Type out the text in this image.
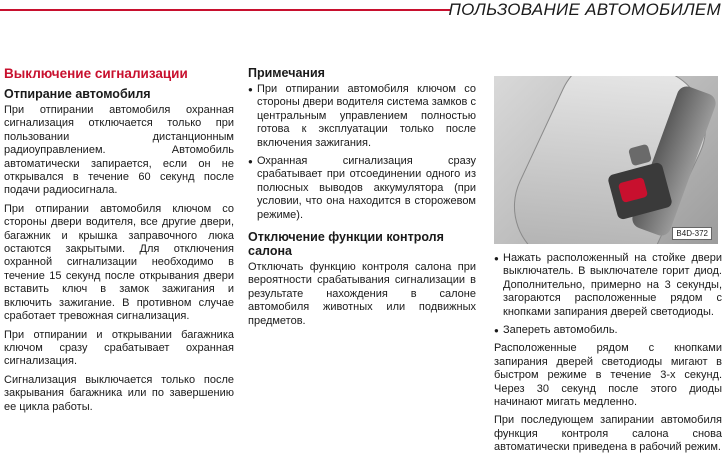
ПОЛЬЗОВАНИЕ АВТОМОБИЛЕМ
Выключение сигнализации
Отпирание автомобиля

При отпирании автомобиля охранная сигнализация отключается только при пользовании дистанционным радиоуправлением. Автомобиль автоматически запирается, если он не открывался в течение 60 секунд после подачи радиосигнала.

При отпирании автомобиля ключом со стороны двери водителя, все другие двери, багажник и крышка заправочного люка остаются закрытыми. Для отключения охранной сигнализации необходимо в течение 15 секунд после открывания двери вставить ключ в замок зажигания и включить зажигание. В противном случае сработает тревожная сигнализация.

При отпирании и открывании багажника ключом сразу срабатывает охранная сигнализация.

Сигнализация выключается только после закрывания багажника или по завершению ее цикла работы.

Примечания

● При отпирании автомобиля ключом со стороны двери водителя система замков с центральным управлением полностью готова к эксплуатации только после включения зажигания.

● Охранная сигнализация сразу срабатывает при отсоединении одного из полюсных выводов аккумулятора (при условии, что она находится в сторожевом режиме).

Отключение функции контроля салона

Отключать функцию контроля салона при вероятности срабатывания сигнализации в результате нахождения в салоне автомобиля животных или подвижных предметов.

B4D-372

● Нажать расположенный на стойке двери выключатель. В выключателе горит диод. Дополнительно, примерно на 3 секунды, загораются расположенные рядом с кнопками запирания дверей светодиоды.

● Запереть автомобиль.

Расположенные рядом с кнопками запирания дверей светодиоды мигают в быстром режиме в течение 3-х секунд. Через 30 секунд после этого диоды начинают мигать медленно.

При последующем запирании автомобиля функция контроля салона снова автоматически приведена в рабочий режим.
